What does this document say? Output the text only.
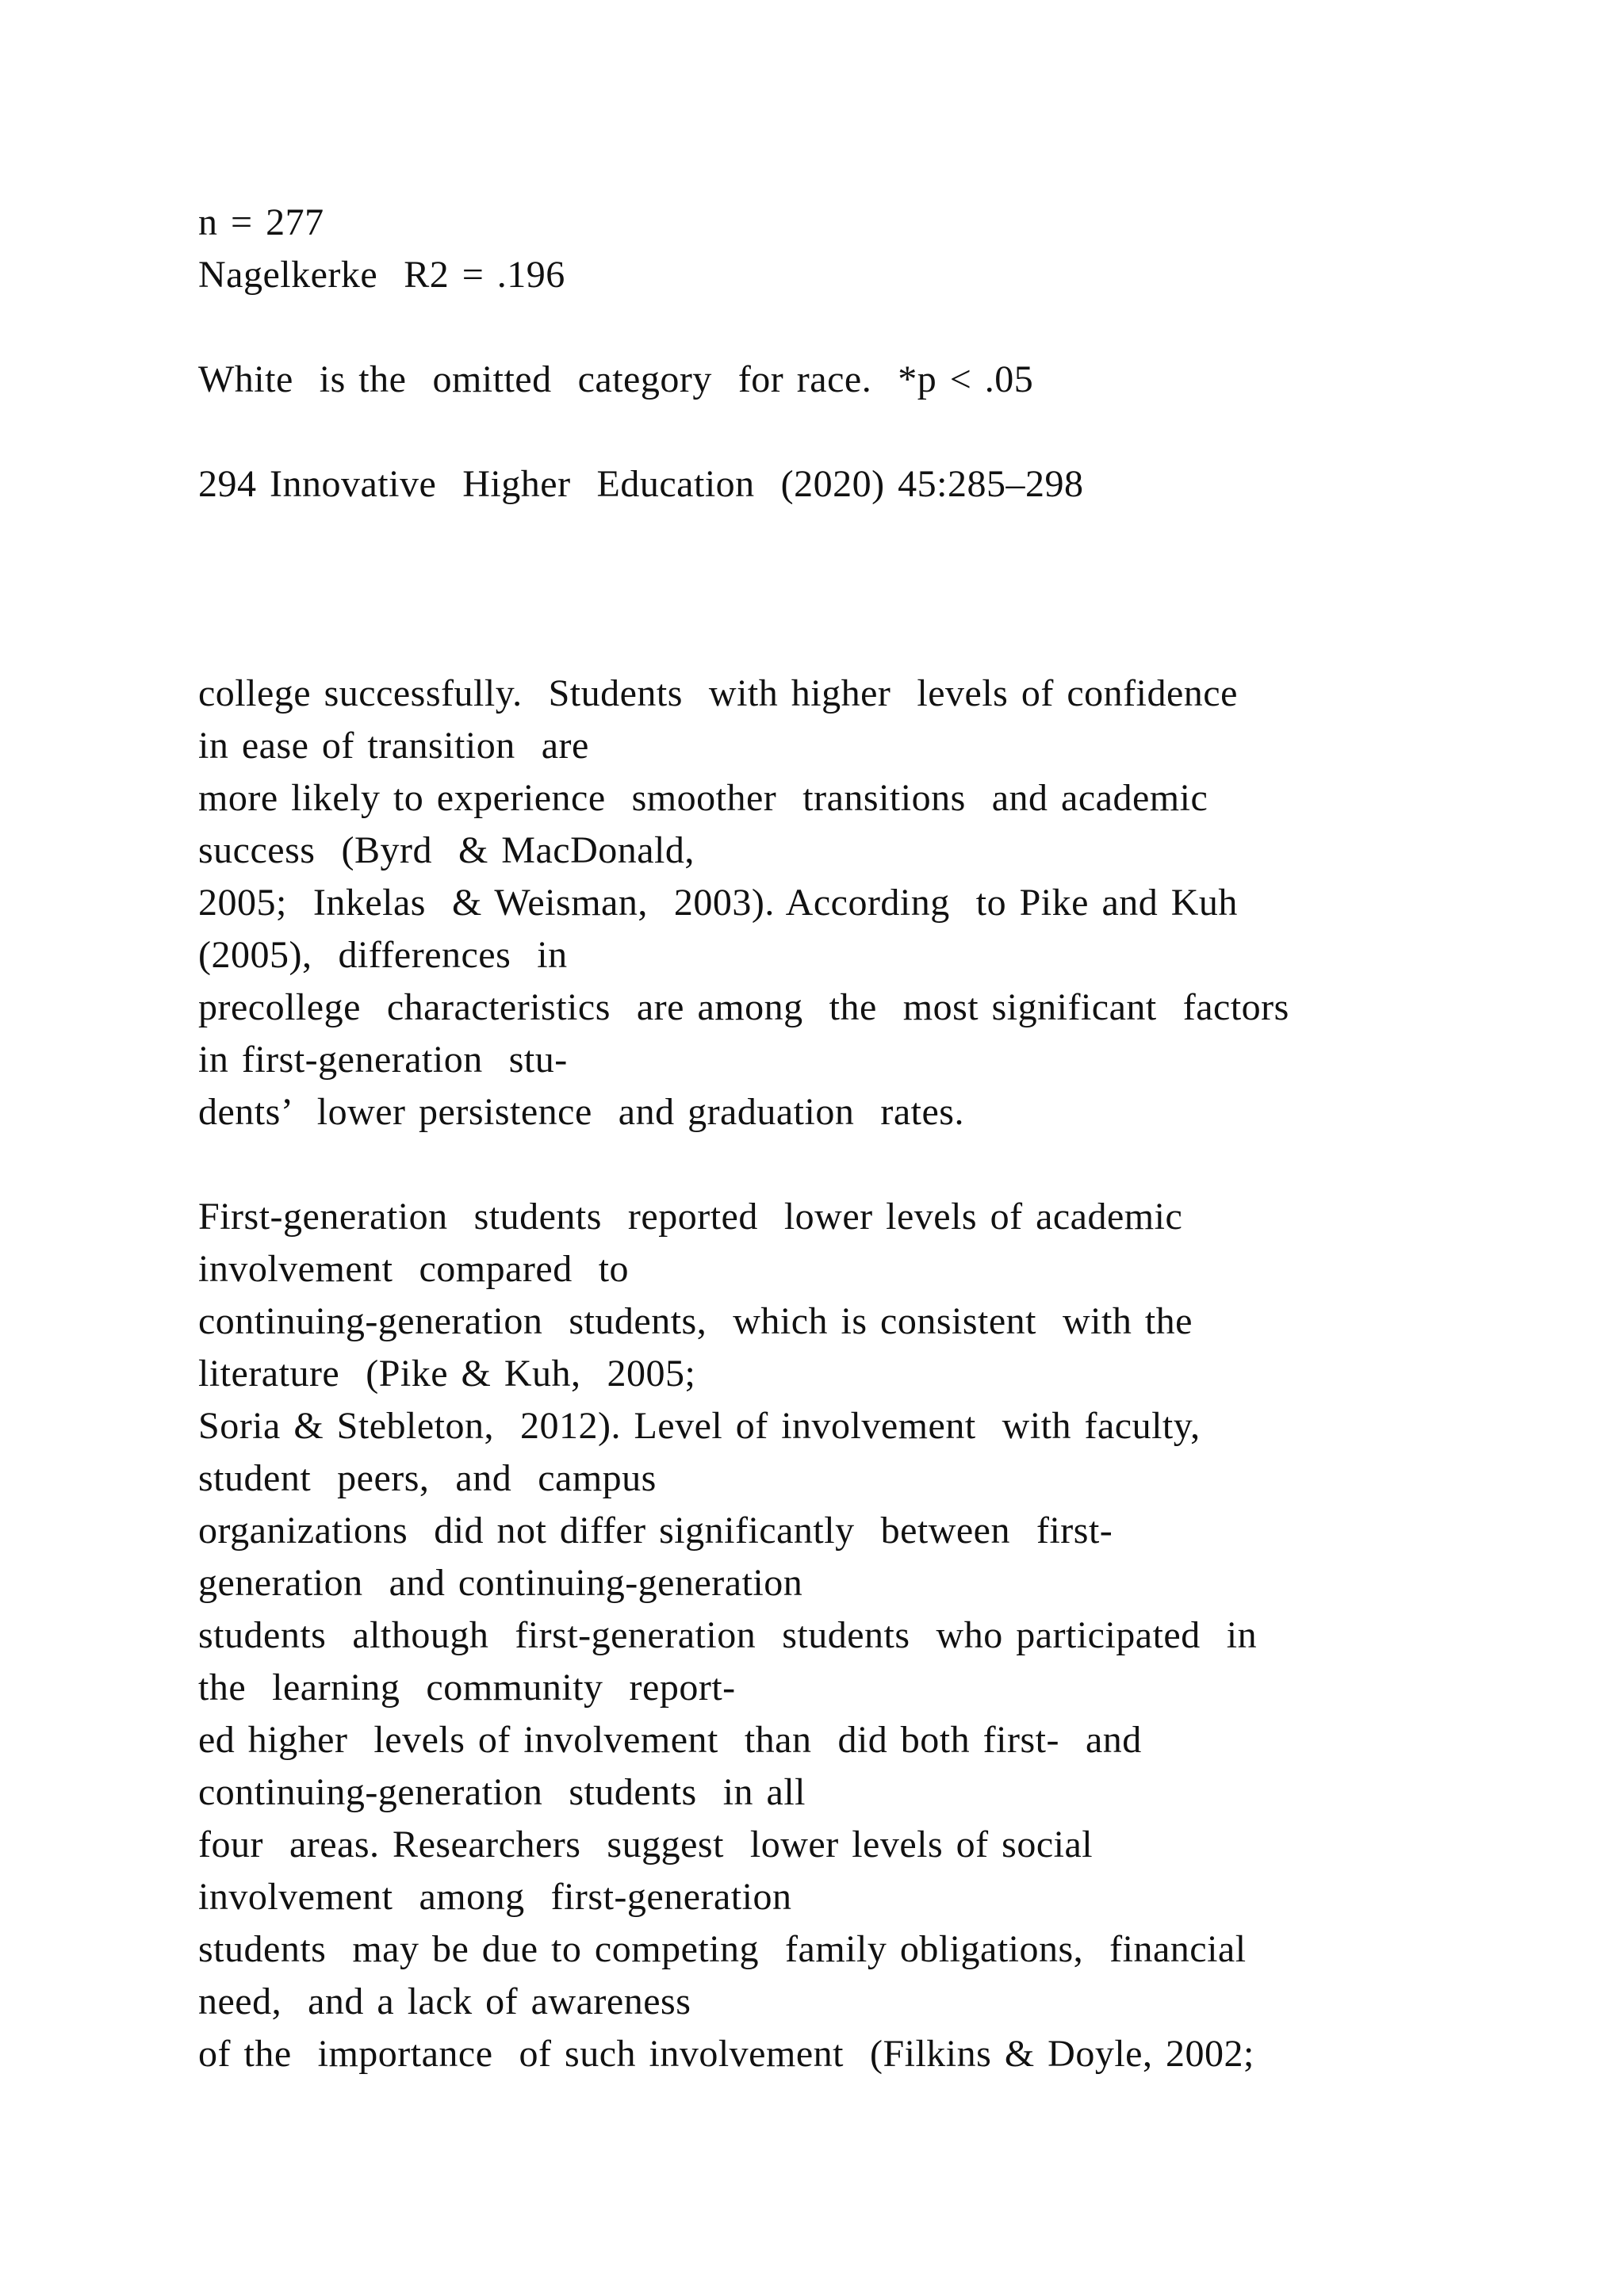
n = 277

Nagelkerke  R2 = .196

White  is the  omitted  category  for race.  *p < .05

294 Innovative  Higher  Education  (2020) 45:285–298

college successfully.  Students  with higher  levels of confidence

in ease of transition  are

more likely to experience  smoother  transitions  and academic

success  (Byrd  & MacDonald,

2005;  Inkelas  & Weisman,  2003). According  to Pike and Kuh

(2005),  differences  in

precollege  characteristics  are among  the  most significant  factors

in first-generation  stu-

dents’  lower persistence  and graduation  rates.

First-generation  students  reported  lower levels of academic

involvement  compared  to

continuing-generation  students,  which is consistent  with the

literature  (Pike & Kuh,  2005;

Soria & Stebleton,  2012). Level of involvement  with faculty,

student  peers,  and  campus

organizations  did not differ significantly  between  first-

generation  and continuing-generation

students  although  first-generation  students  who participated  in

the  learning  community  report-

ed higher  levels of involvement  than  did both first-  and

continuing-generation  students  in all

four  areas. Researchers  suggest  lower levels of social

involvement  among  first-generation

students  may be due to competing  family obligations,  financial

need,  and a lack of awareness

of the  importance  of such involvement  (Filkins & Doyle, 2002;
